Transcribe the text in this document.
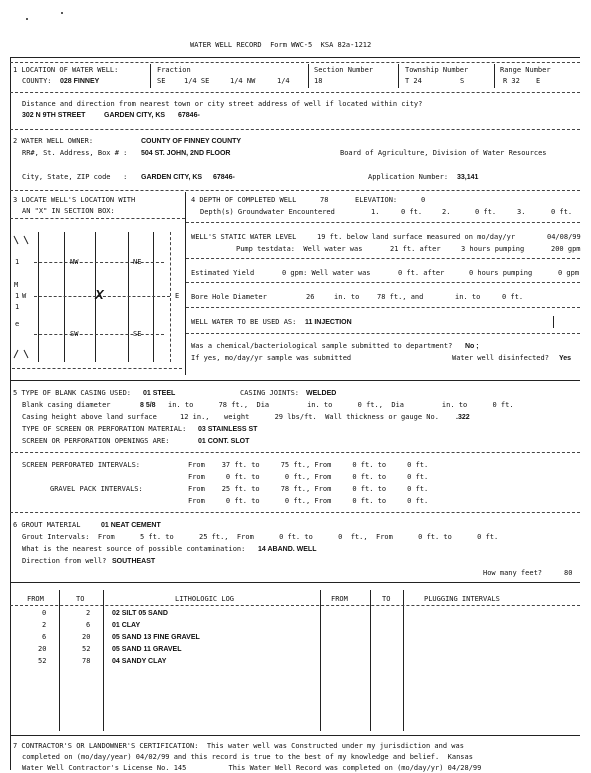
WATER WELL RECORD  Form WWC-5  KSA 82a-1212
1 LOCATION OF WATER WELL:
COUNTY: 028 FINNEY
Fraction
SE	1/4 SE	1/4 NW	1/4
Section Number
18
Township Number
T 24	S
Range Number
R 32 E
Distance and direction from nearest town or city street address of well if located within city?
302 N 9TH STREET	GARDEN CITY, KS 67846-
2 WATER WELL OWNER:	COUNTY OF FINNEY COUNTY
RR#, St. Address, Box # : 504 ST. JOHN, 2ND FLOOR	Board of Agriculture, Division of Water Resources
City, State, ZIP code   : GARDEN CITY, KS 67846-	Application Number: 33,141
3 LOCATE WELL'S LOCATION WITH
AN "X" IN SECTION BOX:
NW	NE
SW	SE
W	E
1
M
1
1
e
X
4 DEPTH OF COMPLETED WELL	78	ELEVATION:	0
Depth(s) Groundwater Encountered	1.	0 ft.	2.	0 ft.	3.	0 ft.
WELL'S STATIC WATER LEVEL	19 ft. below land surface measured on mo/day/yr	04/08/99
Pump testdata:  Well water was	21 ft. after	3 hours pumping	200 gpm
Estimated Yield	0 gpm: Well water was	0 ft. after	0 hours pumping	0 gpm
Bore Hole Diameter	26	in. to	78 ft., and	in. to	0 ft.
WELL WATER TO BE USED AS: 11 INJECTION
Was a chemical/bacteriological sample submitted to department? No ;
If yes, mo/day/yr sample was submitted	Water well disinfected? Yes
5 TYPE OF BLANK CASING USED: 01 STEEL	CASING JOINTS: WELDED
Blank casing diameter	8 5/8 in. to      78 ft.,  Dia         in. to      0 ft.,  Dia         in. to      0 ft.
Casing height above land surface	12 in., weight      29 lbs/ft.  Wall thickness or gauge No. .322
TYPE OF SCREEN OR PERFORATION MATERIAL: 03 STAINLESS ST
SCREEN OR PERFORATION OPENINGS ARE:	01 CONT. SLOT
SCREEN PERFORATED INTERVALS:	From    37 ft. to     75 ft., From     0 ft. to     0 ft.
From     0 ft. to      0 ft., From     0 ft. to     0 ft.
GRAVEL PACK INTERVALS:	From    25 ft. to     78 ft., From     0 ft. to     0 ft.
From     0 ft. to      0 ft., From     0 ft. to     0 ft.
6 GROUT MATERIAL	01 NEAT CEMENT
Grout Intervals:  From      5 ft. to      25 ft.,  From      0 ft. to      0  ft.,  From      0 ft. to      0 ft.
What is the nearest source of possible contamination: 14 ABAND. WELL
Direction from well? SOUTHEAST
How many feet?	80
FROM	TO	LITHOLOGIC LOG	FROM	TO	PLUGGING INTERVALS
0	2	02 SILT 05 SAND
2	6	01 CLAY
6	20	05 SAND 13 FINE GRAVEL
20	52	05 SAND 11 GRAVEL
52	78	04 SANDY CLAY
7 CONTRACTOR'S OR LANDOWNER'S CERTIFICATION:  This water well was Constructed under my jurisdiction and was
completed on (mo/day/year) 04/02/99 and this record is true to the best of my knowledge and belief.  Kansas
Water Well Contractor's License No. 145          This Water Well Record was completed on (mo/day/yr) 04/28/99
